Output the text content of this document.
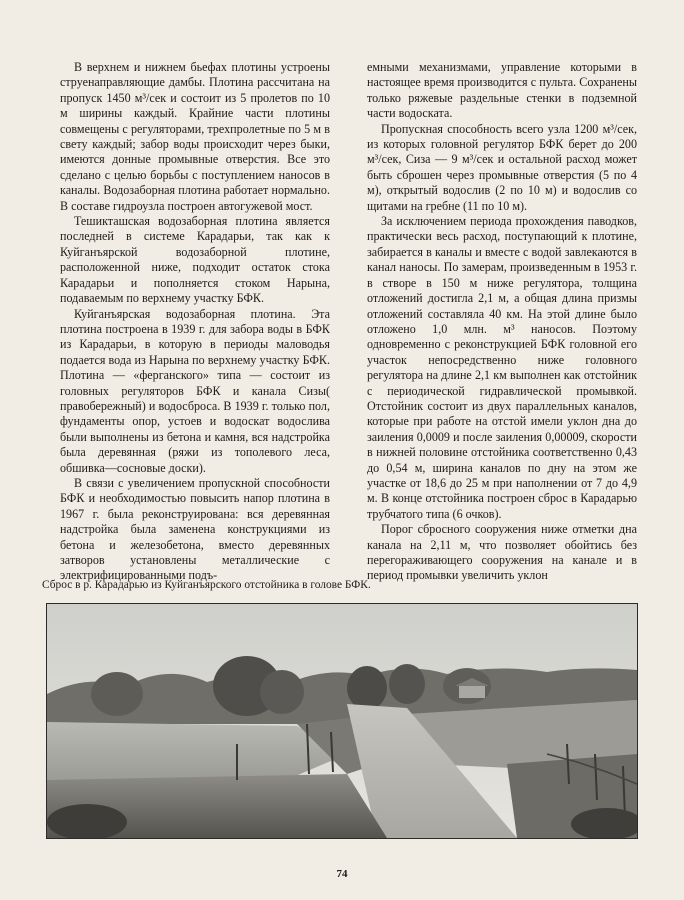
В верхнем и нижнем бьефах плотины устроены струенаправляющие дамбы. Плотина рассчитана на пропуск 1450 м³/сек и состоит из 5 пролетов по 10 м ширины каждый. Крайние части плотины совмещены с регуляторами, трехпролетные по 5 м в свету каждый; забор воды происходит через быки, имеются донные промывные отверстия. Все это сделано с целью борьбы с поступлением наносов в каналы. Водозаборная плотина работает нормально. В составе гидроузла построен автогужевой мост.

Тешикташская водозаборная плотина является последней в системе Карадарьи, так как к Куйганъярской водозаборной плотине, расположенной ниже, подходит остаток стока Карадарьи и пополняется стоком Нарына, подаваемым по верхнему участку БФК.

Куйганъярская водозаборная плотина. Эта плотина построена в 1939 г. для забора воды в БФК из Карадарьи, в которую в периоды маловодья подается вода из Нарына по верхнему участку БФК. Плотина — «ферганского» типа — состоит из головных регуляторов БФК и канала Сизы( правобережный) и водосброса. В 1939 г. только пол, фундаменты опор, устоев и водоскат водослива были выполнены из бетона и камня, вся надстройка была деревянная (ряжи из тополевого леса, обшивка—сосновые доски).

В связи с увеличением пропускной способности БФК и необходимостью повысить напор плотина в 1967 г. была реконструирована: вся деревянная надстройка была заменена конструкциями из бетона и железобетона, вместо деревянных затворов установлены металлические с электрифицированными подъ-

емными механизмами, управление которыми в настоящее время производится с пульта. Сохранены только ряжевые раздельные стенки в подземной части водоската.

Пропускная способность всего узла 1200 м³/сек, из которых головной регулятор БФК берет до 200 м³/сек, Сиза — 9 м³/сек и остальной расход может быть сброшен через промывные отверстия (5 по 4 м), открытый водослив (2 по 10 м) и водослив со щитами на гребне (11 по 10 м).

За исключением периода прохождения паводков, практически весь расход, поступающий к плотине, забирается в каналы и вместе с водой завлекаются в канал наносы. По замерам, произведенным в 1953 г. в створе в 150 м ниже регулятора, толщина отложений достигла 2,1 м, а общая длина призмы отложений составляла 40 км. На этой длине было отложено 1,0 млн. м³ наносов. Поэтому одновременно с реконструкцией БФК головной его участок непосредственно ниже головного регулятора на длине 2,1 км выполнен как отстойник с периодической гидравлической промывкой. Отстойник состоит из двух параллельных каналов, которые при работе на отстой имели уклон дна до заиления 0,0009 и после заиления 0,00009, скорости в нижней половине отстойника соответственно 0,43 до 0,54 м, ширина каналов по дну на этом же участке от 18,6 до 25 м при наполнении от 7 до 4,9 м. В конце отстойника построен сброс в Карадарью трубчатого типа (6 очков).

Порог сбросного сооружения ниже отметки дна канала на 2,11 м, что позволяет обойтись без перегораживающего сооружения на канале и в период промывки увеличить уклон

Сброс в р. Карадарью из Куйганъярского отстойника в голове БФК.
74
